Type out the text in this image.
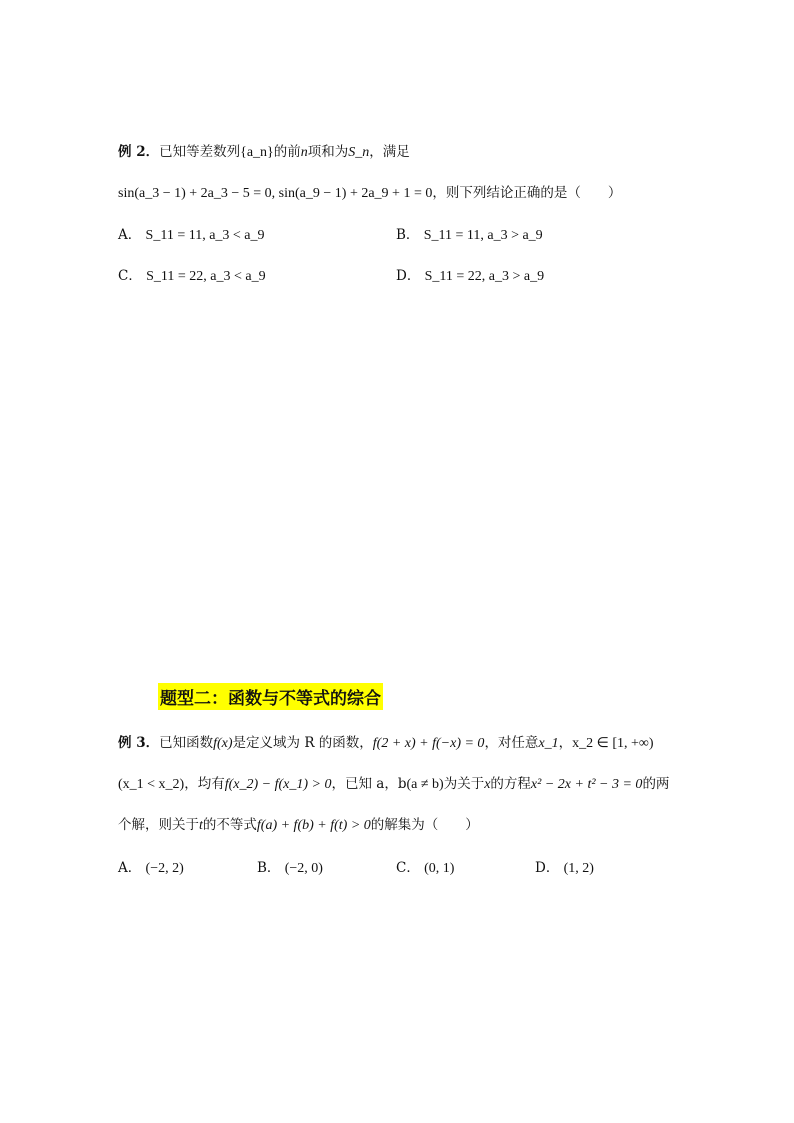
例 2．已知等差数列{a_n}的前n项和为S_n，满足
sin(a_3 − 1) + 2a_3 − 5 = 0, sin(a_9 − 1) + 2a_9 + 1 = 0，则下列结论正确的是（　　）
A． S_11 = 11, a_3 < a_9	B． S_11 = 11, a_3 > a_9
C． S_11 = 22, a_3 < a_9	D． S_11 = 22, a_3 > a_9
题型二：函数与不等式的综合
例 3．已知函数f(x)是定义域为 R 的函数，f(2 + x) + f(−x) = 0，对任意x_1，x_2 ∈ [1, +∞)
(x_1 < x_2)，均有f(x_2) − f(x_1) > 0，已知 a，b(a ≠ b)为关于x的方程x² − 2x + t² − 3 = 0的两
个解，则关于t的不等式f(a) + f(b) + f(t) > 0的解集为（　　）
A． (−2, 2)	B． (−2, 0)	C． (0, 1)	D． (1, 2)
